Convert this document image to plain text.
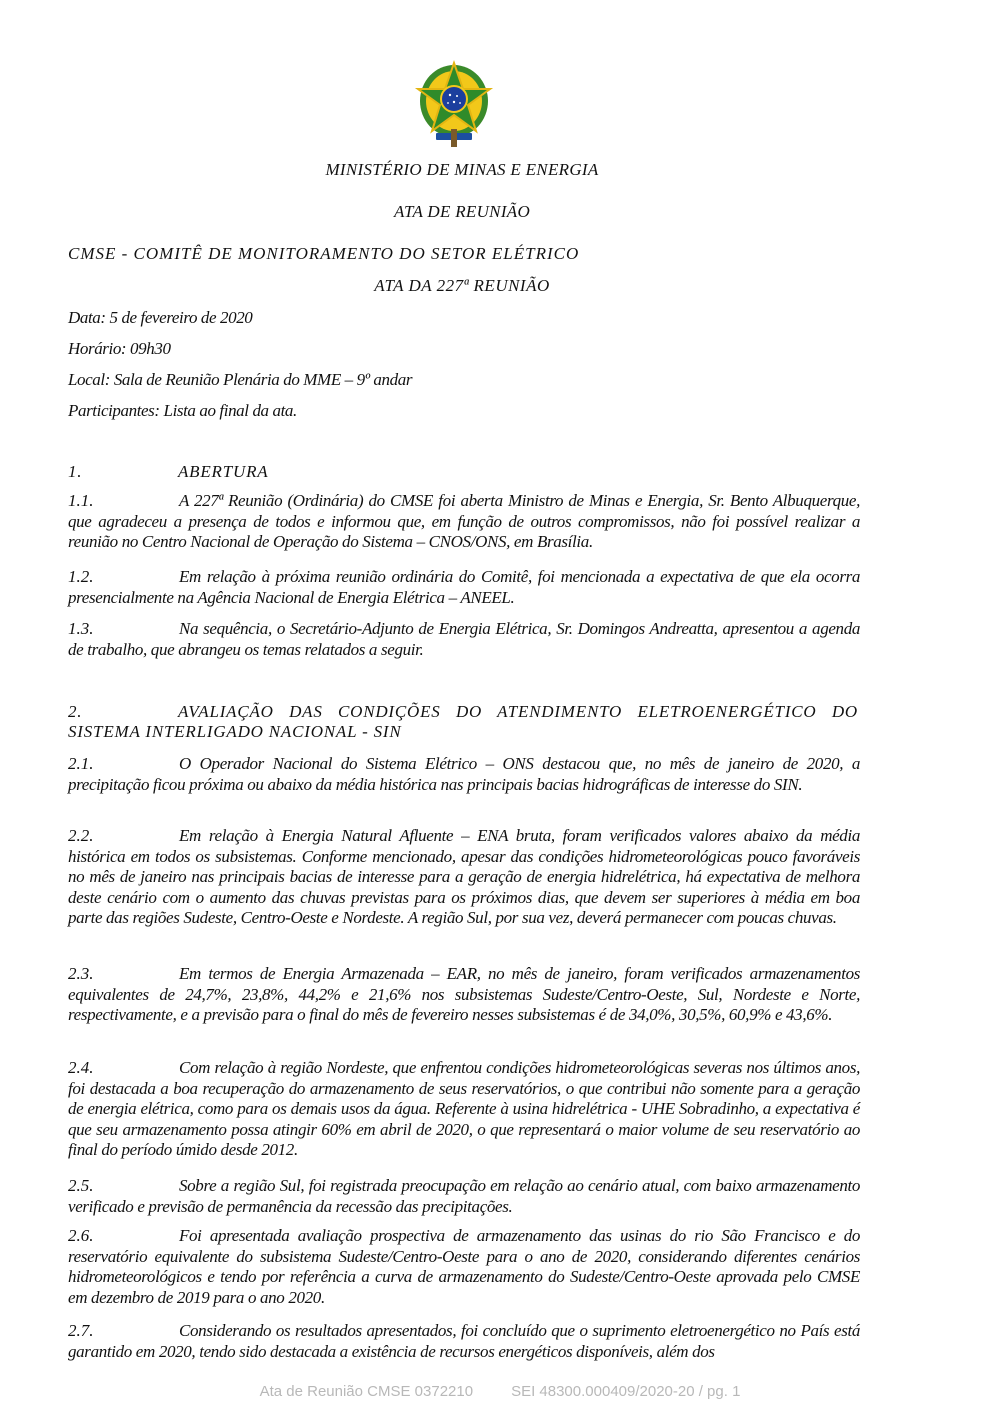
MINISTÉRIO DE MINAS E ENERGIA
ATA DE REUNIÃO
CMSE - COMITÊ DE MONITORAMENTO DO SETOR ELÉTRICO
ATA DA 227ª REUNIÃO
Data: 5 de fevereiro de 2020
Horário: 09h30
Local: Sala de Reunião Plenária do MME – 9º andar
Participantes: Lista ao final da ata.
1.	ABERTURA
1.1.	A 227ª Reunião (Ordinária) do CMSE foi aberta Ministro de Minas e Energia, Sr. Bento Albuquerque, que agradeceu a presença de todos e informou que, em função de outros compromissos, não foi possível realizar a reunião no Centro Nacional de Operação do Sistema – CNOS/ONS, em Brasília.
1.2.	Em relação à próxima reunião ordinária do Comitê, foi mencionada a expectativa de que ela ocorra presencialmente na Agência Nacional de Energia Elétrica – ANEEL.
1.3.	Na sequência, o Secretário-Adjunto de Energia Elétrica, Sr. Domingos Andreatta, apresentou a agenda de trabalho, que abrangeu os temas relatados a seguir.
2.	AVALIAÇÃO DAS CONDIÇÕES DO ATENDIMENTO ELETROENERGÉTICO DO SISTEMA INTERLIGADO NACIONAL - SIN
2.1.	O Operador Nacional do Sistema Elétrico – ONS destacou que, no mês de janeiro de 2020, a precipitação ficou próxima ou abaixo da média histórica nas principais bacias hidrográficas de interesse do SIN.
2.2.	Em relação à Energia Natural Afluente – ENA bruta, foram verificados valores abaixo da média histórica em todos os subsistemas. Conforme mencionado, apesar das condições hidrometeorológicas pouco favoráveis no mês de janeiro nas principais bacias de interesse para a geração de energia hidrelétrica, há expectativa de melhora deste cenário com o aumento das chuvas previstas para os próximos dias, que devem ser superiores à média em boa parte das regiões Sudeste, Centro-Oeste e Nordeste. A região Sul, por sua vez, deverá permanecer com poucas chuvas.
2.3.	Em termos de Energia Armazenada – EAR, no mês de janeiro, foram verificados armazenamentos equivalentes de 24,7%, 23,8%, 44,2% e 21,6% nos subsistemas Sudeste/Centro-Oeste, Sul, Nordeste e Norte, respectivamente, e a previsão para o final do mês de fevereiro nesses subsistemas é de 34,0%, 30,5%, 60,9% e 43,6%.
2.4.	Com relação à região Nordeste, que enfrentou condições hidrometeorológicas severas nos últimos anos, foi destacada a boa recuperação do armazenamento de seus reservatórios, o que contribui não somente para a geração de energia elétrica, como para os demais usos da água. Referente à usina hidrelétrica - UHE Sobradinho, a expectativa é que seu armazenamento possa atingir 60% em abril de 2020, o que representará o maior volume de seu reservatório ao final do período úmido desde 2012.
2.5.	Sobre a região Sul, foi registrada preocupação em relação ao cenário atual, com baixo armazenamento verificado e previsão de permanência da recessão das precipitações.
2.6.	Foi apresentada avaliação prospectiva de armazenamento das usinas do rio São Francisco e do reservatório equivalente do subsistema Sudeste/Centro-Oeste para o ano de 2020, considerando diferentes cenários hidrometeorológicos e tendo por referência a curva de armazenamento do Sudeste/Centro-Oeste aprovada pelo CMSE em dezembro de 2019 para o ano 2020.
2.7.	Considerando os resultados apresentados, foi concluído que o suprimento eletroenergético no País está garantido em 2020, tendo sido destacada a existência de recursos energéticos disponíveis, além dos
Ata de Reunião CMSE 0372210	SEI 48300.000409/2020-20 / pg. 1
